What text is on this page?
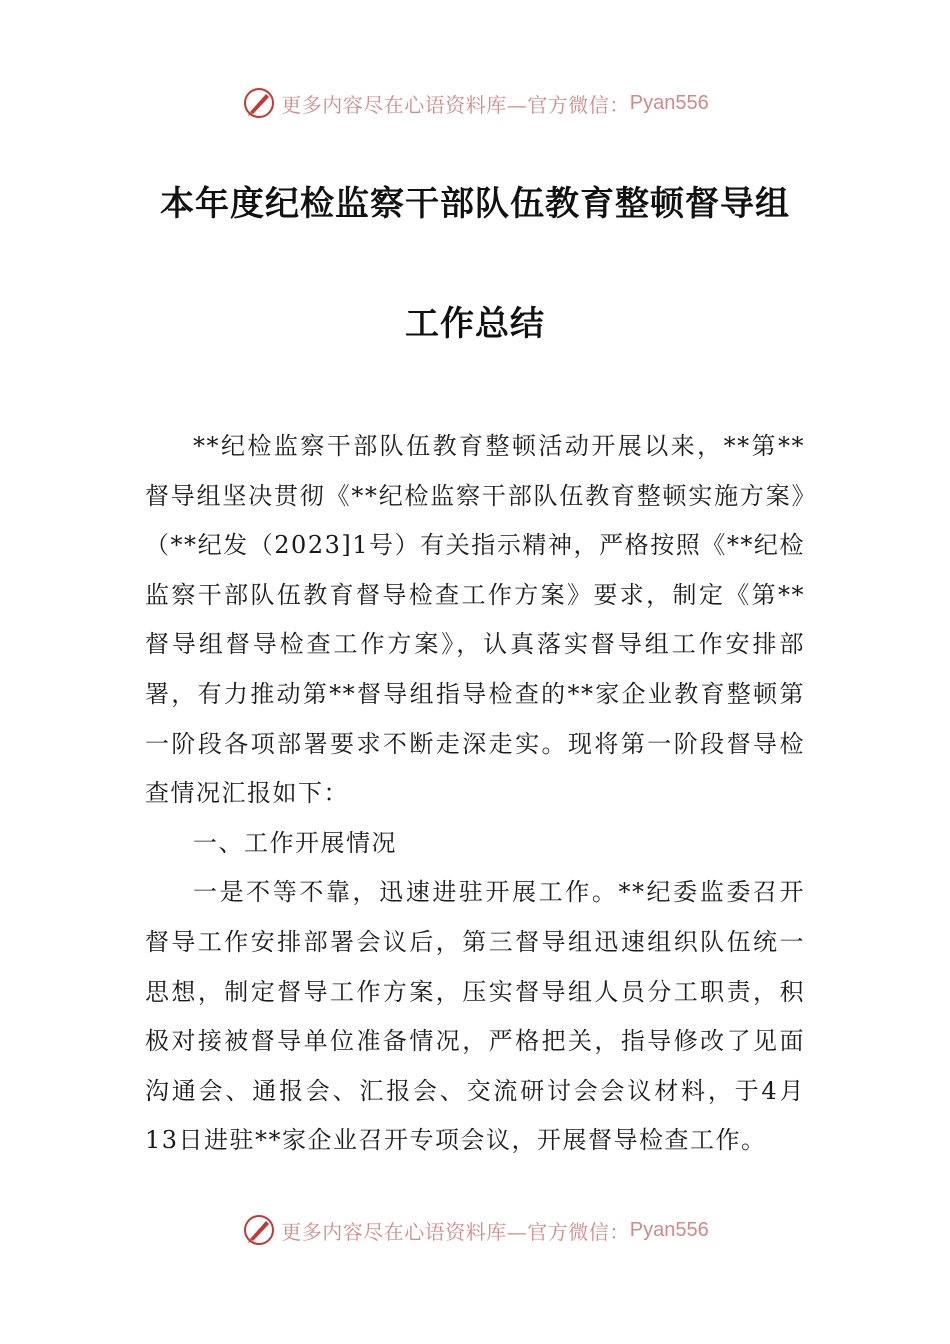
更多内容尽在心语资料库—官方微信： Pyan556
本年度纪检监察干部队伍教育整顿督导组
工作总结

**纪检监察干部队伍教育整顿活动开展以来，**第**督导组坚决贯彻《**纪检监察干部队伍教育整顿实施方案》（**纪发（2023]1号）有关指示精神，严格按照《**纪检监察干部队伍教育督导检查工作方案》要求，制定《第**督导组督导检查工作方案》，认真落实督导组工作安排部署，有力推动第**督导组指导检查的**家企业教育整顿第一阶段各项部署要求不断走深走实。现将第一阶段督导检查情况汇报如下：

一、工作开展情况

一是不等不靠，迅速进驻开展工作。**纪委监委召开督导工作安排部署会议后，第三督导组迅速组织队伍统一思想，制定督导工作方案，压实督导组人员分工职责，积极对接被督导单位准备情况，严格把关，指导修改了见面沟通会、通报会、汇报会、交流研讨会会议材料，于4月13日进驻**家企业召开专项会议，开展督导检查工作。

更多内容尽在心语资料库—官方微信： Pyan556
